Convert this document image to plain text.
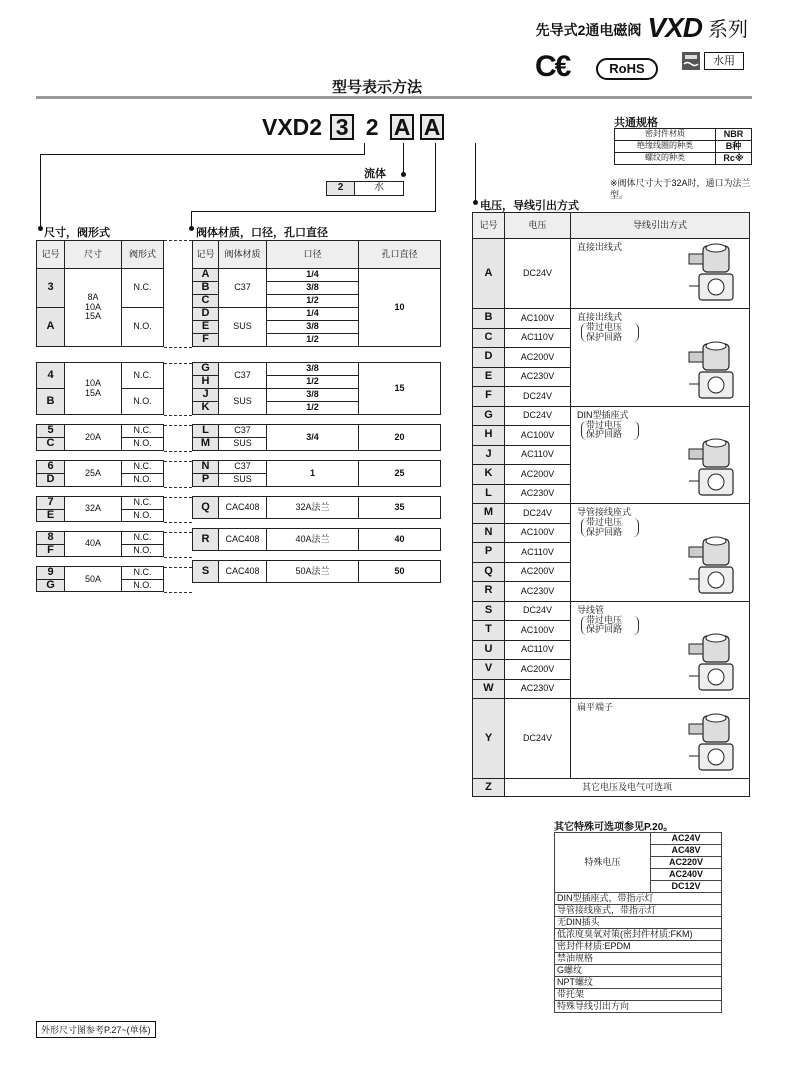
先导式2通电磁阀 VXD 系列
C€	RoHS	水用
型号表示方法
VXD2 3 2 A A
流体
2	水
共通规格
密封件材质	NBR
绝缘线圈的种类	B种
螺纹的种类	Rc※
※阀体尺寸大于32A时，通口为法兰型。
尺寸，阀形式	阀体材质，口径，孔口直径
记号	尺寸	阀形式
3	8A
10A
15A	N.C.

A		N.O.

4	10A
15A	N.C.

B		N.O.

5	20A	N.C.
C		N.O.

6	25A	N.C.
D		N.O.

7	32A	N.C.
E		N.O.

8	40A	N.C.
F		N.O.

9	50A	N.C.
G		N.O.
记号	阀体材质	口径	孔口直径
A	C37	1/4	10
B		3/8	
C		1/2	
D	SUS	1/4	
E		3/8	
F		1/2	

G	C37	3/8	15
H		1/2	
J	SUS	3/8	
K		1/2	

L	C37	3/4	20
M	SUS		

N	C37	1	25
P	SUS		

Q	CAC408	32A法兰	35

R	CAC408	40A法兰	40

S	CAC408	50A法兰	50
电压，导线引出方式
记号	电压	导线引出方式
A	DC24V	直接出线式

B	AC100V	直接出线式
带过电压
保护回路

C	AC110V	
D	AC200V	
E	AC230V	
F	DC24V	
G	DC24V	DIN型插座式
带过电压
保护回路

H	AC100V	
J	AC110V	
K	AC200V	
L	AC230V	
M	DC24V	导管接线座式
带过电压
保护回路

N	AC100V	
P	AC110V	
Q	AC200V	
R	AC230V	
S	DC24V	导线管
带过电压
保护回路

T	AC100V	
U	AC110V	
V	AC200V	
W	AC230V	
Y	DC24V	扁平端子

Z	其它电压及电气可选项	
其它特殊可选项参见P.20。
特殊电压	AC24V
AC48V
AC220V
AC240V
DC12V
DIN型插座式，带指示灯
导管接线座式，带指示灯
无DIN插头
低浓度臭氧对策(密封件材质:FKM)
密封件材质:EPDM
禁油规格
G螺纹
NPT螺纹
带托架
特殊导线引出方向
外形尺寸图参考P.27~(单体)
